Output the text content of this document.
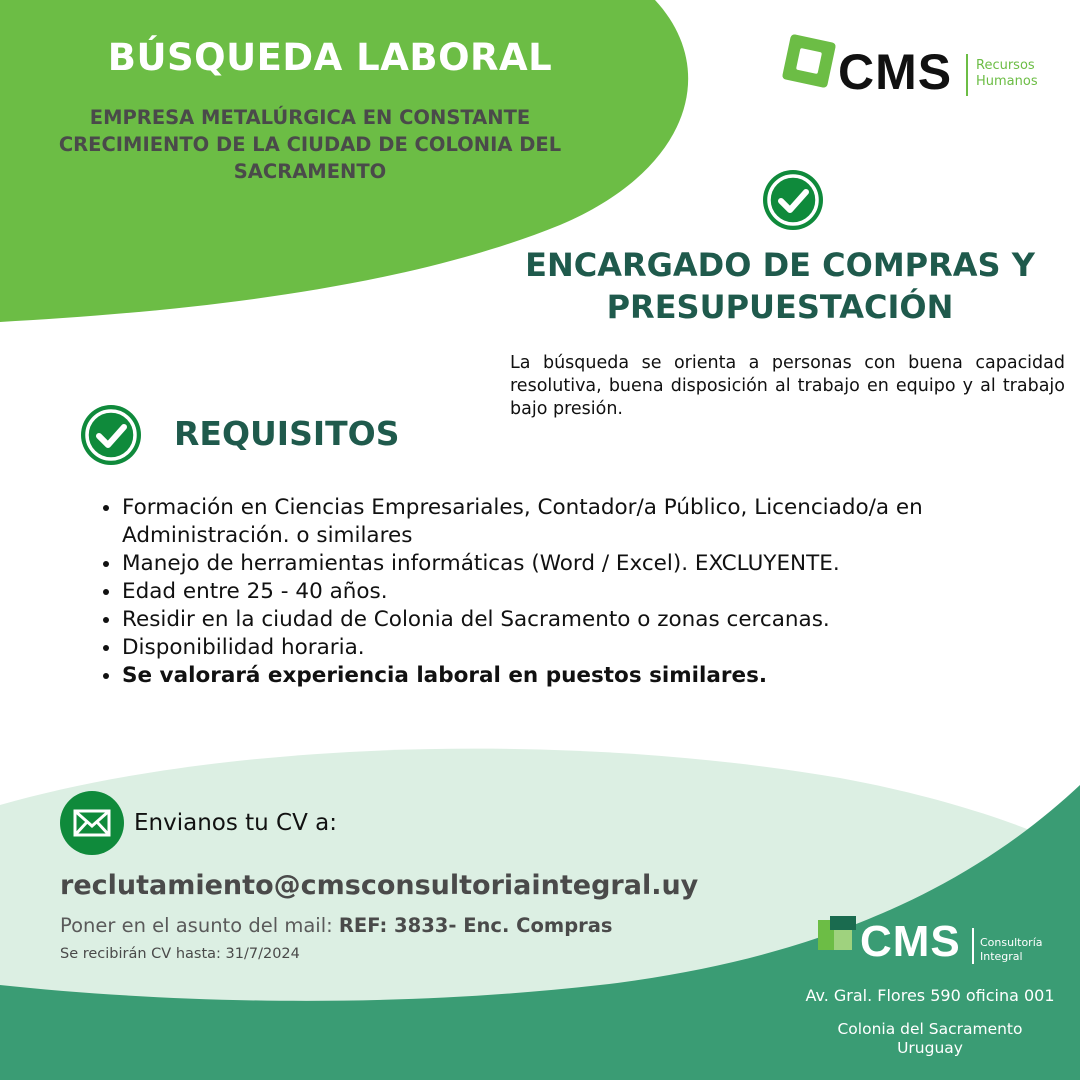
BÚSQUEDA LABORAL
EMPRESA METALÚRGICA EN CONSTANTE CRECIMIENTO DE LA CIUDAD DE COLONIA DEL SACRAMENTO
CMS Recursos
Humanos
ENCARGADO DE COMPRAS Y PRESUPUESTACIÓN
La búsqueda se orienta a personas con buena capacidad resolutiva, buena disposición al trabajo en equipo y al trabajo bajo presión.
REQUISITOS
• Formación en Ciencias Empresariales, Contador/a Público, Licenciado/a en Administración. o similares
• Manejo de herramientas informáticas (Word / Excel). EXCLUYENTE.
• Edad entre 25 - 40 años.
• Residir en la ciudad de Colonia del Sacramento o zonas cercanas.
• Disponibilidad horaria.
• Se valorará experiencia laboral en puestos similares.
Envianos tu CV a:
reclutamiento@cmsconsultoriaintegral.uy
Poner en el asunto del mail: REF: 3833- Enc. Compras
Se recibirán CV hasta: 31/7/2024	CMS Consultoría
Integral
Av. Gral. Flores 590 oficina 001
Colonia del Sacramento
Uruguay
